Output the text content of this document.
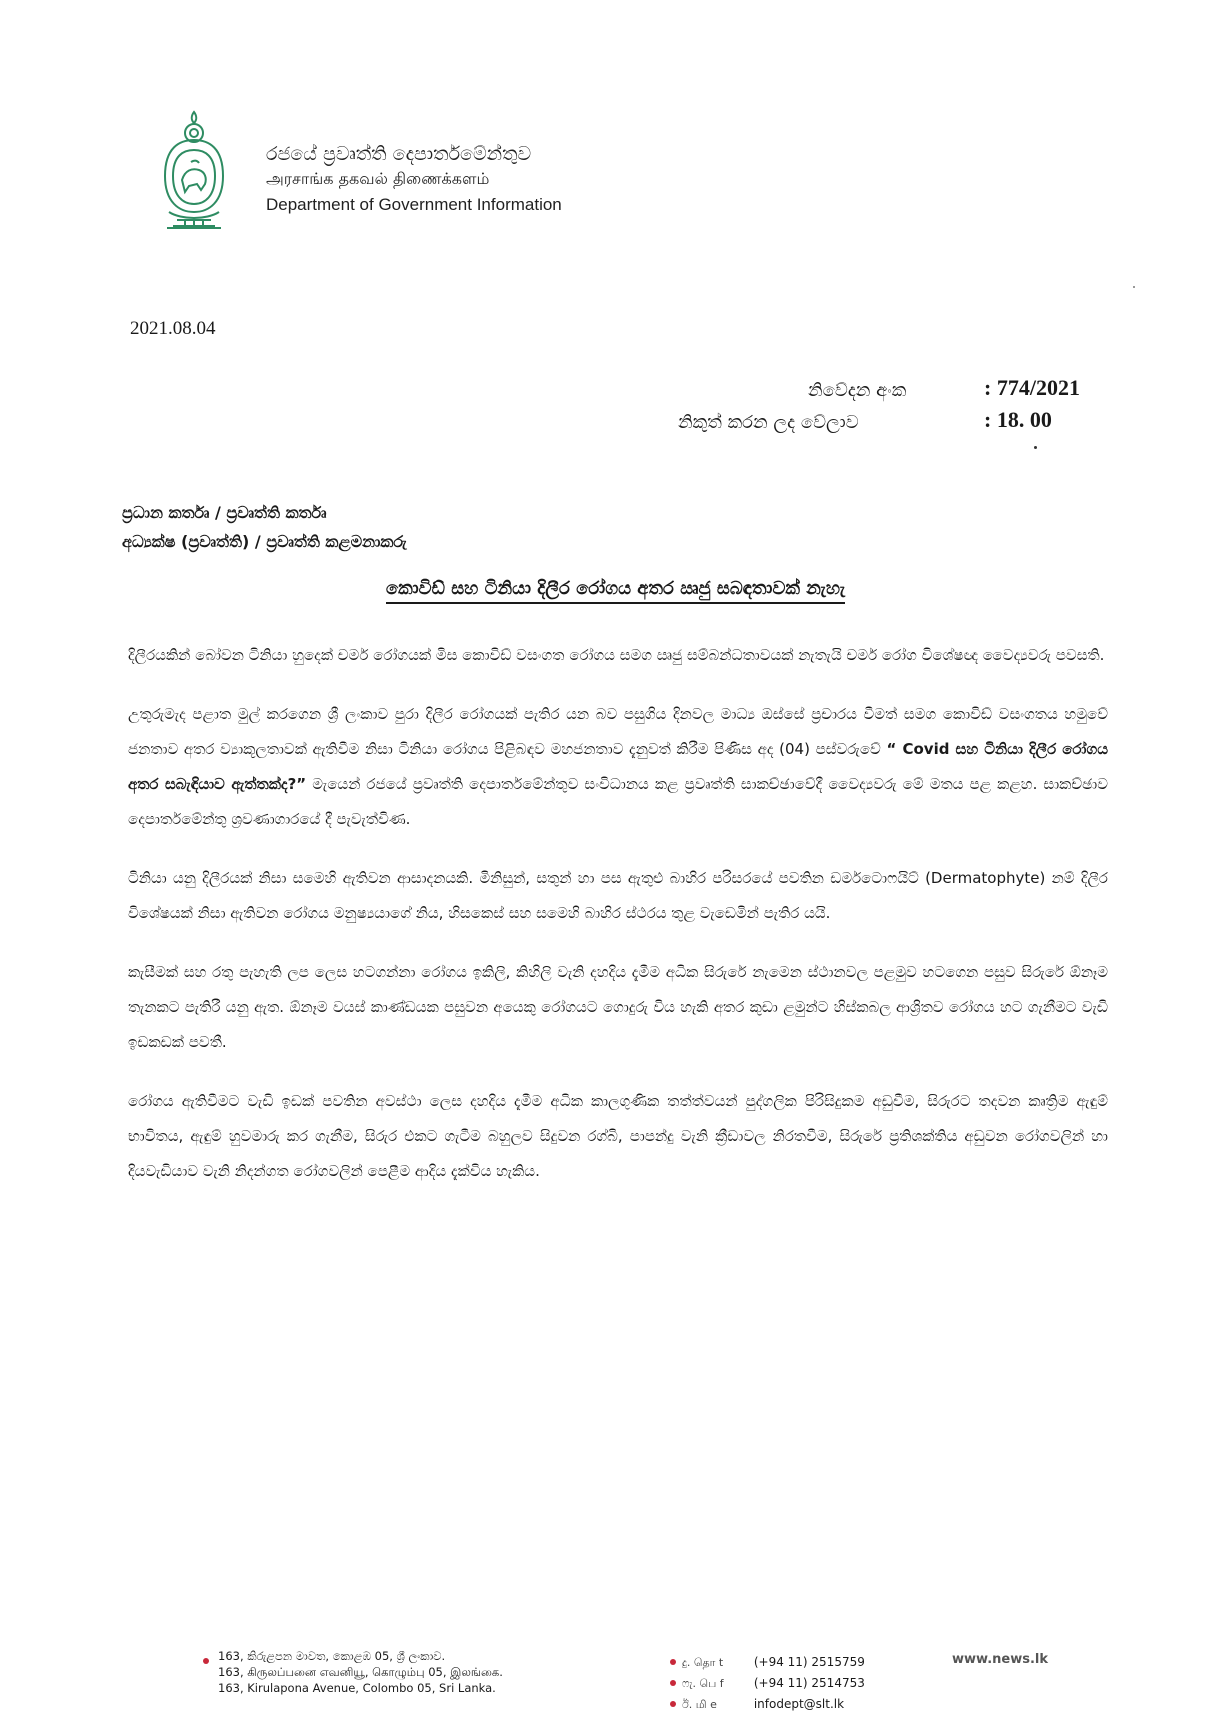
රජයේ ප්‍රවෘත්ති දෙපාර්තමේන්තුව
அரசாங்க தகவல் திணைக்களம்
Department of Government Information
2021.08.04
නිවේදන අංක	: 774/2021
නිකුත් කරන ලද වේලාව	: 18. 00
ප්‍රධාන කර්තෘ / ප්‍රවෘත්ති කර්තෘ
අධ්‍යක්ෂ (ප්‍රවෘත්ති) / ප්‍රවෘත්ති කළමනාකරු
කොවිඩ් සහ ටිනියා දිලීර රෝගය අතර ඍජු සබඳතාවක් නැහැ

දිලීරයකින් බෝවන ටිනියා හුදෙක් චර්ම රෝගයක් මිස කොවිඩ් වසංගත රෝගය සමග ඍජු සම්බන්ධතාවයක් නැතැයි චර්ම රෝග විශේෂඥ වෛද්‍යවරු පවසති.

උතුරුමැද පළාත මුල් කරගෙන ශ්‍රී ලංකාව පුරා දිලීර රෝගයක් පැතිර යන බව පසුගිය දිනවල මාධ්‍ය ඔස්සේ ප්‍රචාරය වීමත් සමග කොවිඩ් වසංගතය හමුවේ ජනතාව අතර ව්‍යාකූලතාවක් ඇතිවීම නිසා ටිනියා රෝගය පිළිබඳව මහජනතාව දැනුවත් කිරීම පිණිස අද (04) පස්වරුවේ “ Covid සහ ටිනියා දිලීර රෝගය අතර සබැඳියාව ඇත්තක්ද?” මැයෙන් රජයේ ප්‍රවෘත්ති දෙපාර්තමේන්තුව සංවිධානය කළ ප්‍රවෘත්ති සාකච්ඡාවේදී වෛද්‍යවරු මේ මතය පළ කළහ. සාකච්ඡාව දෙපාර්තමේන්තු ශ්‍රවණාගාරයේ දී පැවැත්විණ.

ටිනියා යනු දිලීරයක් නිසා සමෙහි ඇතිවන ආසාදනයකි. මිනිසුන්, සතුන් හා පස ඇතුළු බාහිර පරිසරයේ පවතින ඩර්මටොෆයිට් (Dermatophyte) නම් දිලීර විශේෂයක් නිසා ඇතිවන රෝගය මනුෂ්‍යයාගේ නිය, හිසකෙස් සහ සමෙහි බාහිර ස්ථරය තුළ වැඩෙමින් පැතිර යයි.

කැසීමක් සහ රතු පැහැති ලප ලෙස හටගන්නා රෝගය ඉකිලි, කිහිලි වැනි දහදිය දැමීම අධික සිරුරේ නැමෙන ස්ථානවල පළමුව හටගෙන පසුව සිරුරේ ඕනෑම තැනකට පැතිරී යනු ඇත. ඕනෑම වයස් කාණ්ඩයක පසුවන අයෙකු රෝගයට ගොදුරු විය හැකි අතර කුඩා ළමුන්ට හිස්කබල ආශ්‍රිතව රෝගය හට ගැනීමට වැඩි ඉඩකඩක් පවතී.

රෝගය ඇතිවීමට වැඩි ඉඩක් පවතින අවස්ථා ලෙස දහදිය දැමීම අධික කාලගුණික තත්ත්වයන් පුද්ගලික පිරිසිදුකම අඩුවීම, සිරුරට තදවන කෘත්‍රිම ඇඳුම් භාවිතය, ඇඳුම් හුවමාරු කර ගැනීම, සිරුර එකට ගැටීම බහුලව සිදුවන රග්බි, පාපන්දු වැනි ක්‍රීඩාවල නිරතවීම, සිරුරේ ප්‍රතිශක්තිය අඩුවන රෝගවලින් හා දියවැඩියාව වැනි නිදන්ගත රෝගවලින් පෙළීම ආදිය දැක්විය හැකිය.

163, කිරුළපන මාවත, කොළඹ 05, ශ්‍රී ලංකාව.
163, கிருலப்பனை எவனியூ, கொழும்பு 05, இலங்கை.
163, Kirulapona Avenue, Colombo 05, Sri Lanka.
දු. தொ t	(+94 11) 2515759
ෆැ. பெ f	(+94 11) 2514753
ඊ. மி e	infodept@slt.lk
www.news.lk
